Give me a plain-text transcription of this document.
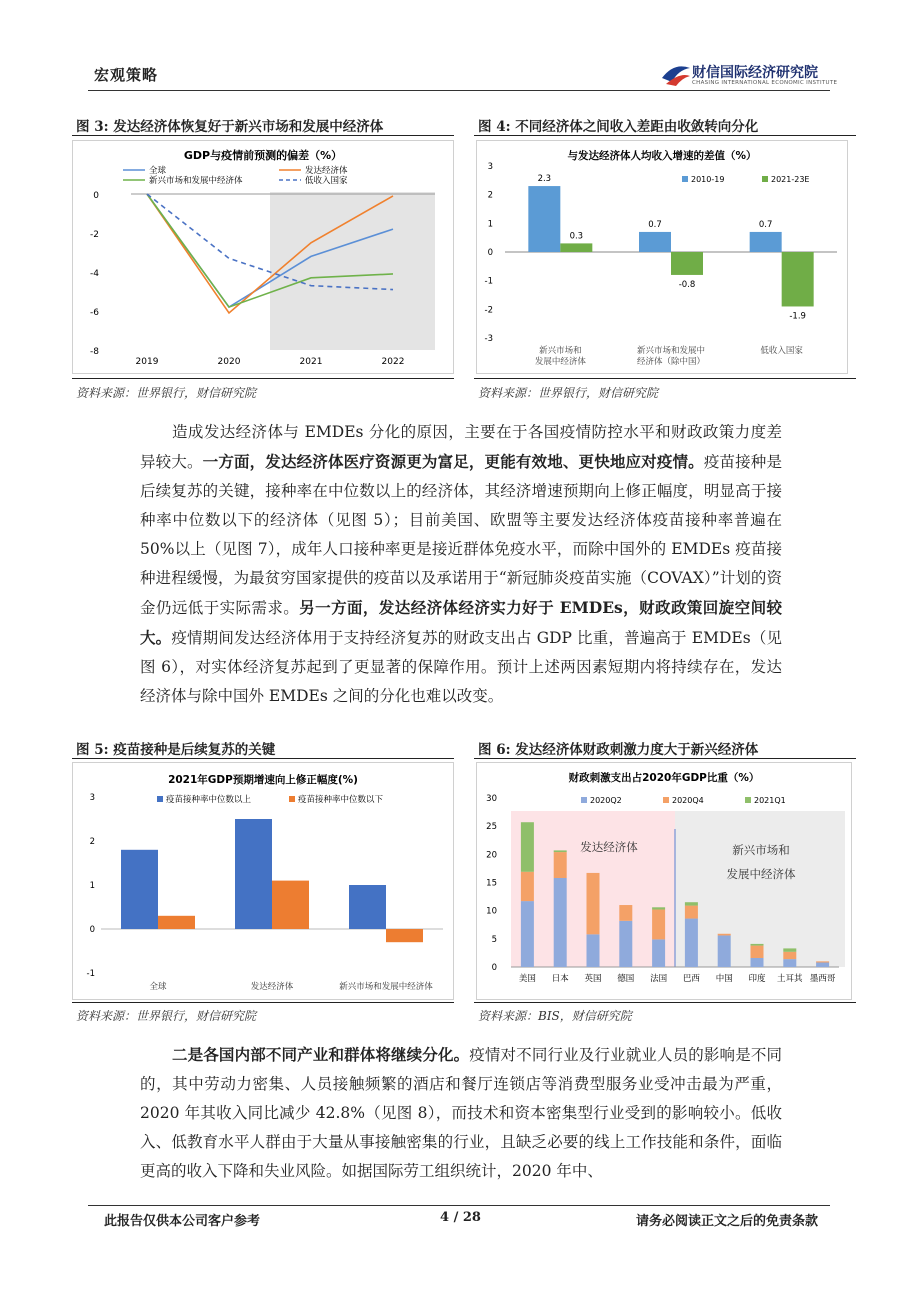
宏观策略	财信国际经济研究院
CHASING INTERNATIONAL ECONOMIC INSTITUTE
图 3: 发达经济体恢复好于新兴市场和发展中经济体
GDP与疫情前预测的偏差（%）
0
-2
-4
-6
-8
2019	2020	2021	2022
全球	发达经济体
新兴市场和发展中经济体	低收入国家
资料来源：世界银行，财信研究院
图 4: 不同经济体之间收入差距由收敛转向分化
与发达经济体人均收入增速的差值（%）
3
2
1
0
-1
-2
-3
2010-19
2.3
0.7	0.7
2021-23E
0.3
-0.8
-1.9
新兴市场和
发展中经济体
新兴市场和发展中
经济体（除中国）
低收入国家
资料来源：世界银行，财信研究院
造成发达经济体与 EMDEs 分化的原因，主要在于各国疫情防控水平和财政政策力度差异较大。一方面，发达经济体医疗资源更为富足，更能有效地、更快地应对疫情。疫苗接种是后续复苏的关键，接种率在中位数以上的经济体，其经济增速预期向上修正幅度，明显高于接种率中位数以下的经济体（见图 5）；目前美国、欧盟等主要发达经济体疫苗接种率普遍在 50%以上（见图 7），成年人口接种率更是接近群体免疫水平，而除中国外的 EMDEs 疫苗接种进程缓慢，为最贫穷国家提供的疫苗以及承诺用于“新冠肺炎疫苗实施（COVAX）”计划的资金仍远低于实际需求。另一方面，发达经济体经济实力好于 EMDEs，财政政策回旋空间较大。疫情期间发达经济体用于支持经济复苏的财政支出占 GDP 比重，普遍高于 EMDEs（见图 6），对实体经济复苏起到了更显著的保障作用。预计上述两因素短期内将持续存在，发达经济体与除中国外 EMDEs 之间的分化也难以改变。
图 5: 疫苗接种是后续复苏的关键
2021年GDP预期增速向上修正幅度(%)
3
2
1
0
-1
疫苗接种率中位数以上	疫苗接种率中位数以下
全球	发达经济体	新兴市场和发展中经济体
资料来源：世界银行，财信研究院
图 6: 发达经济体财政刺激力度大于新兴经济体
财政刺激支出占2020年GDP比重（%）
30
25
20
15
10
5
0
2020Q2	2020Q4	2021Q1
美国 日本 英国 德国 法国 巴西 中国 印度 土耳其 墨西哥
发达经济体	新兴市场和
发展中经济体
资料来源：BIS，财信研究院
二是各国内部不同产业和群体将继续分化。疫情对不同行业及行业就业人员的影响是不同的，其中劳动力密集、人员接触频繁的酒店和餐厅连锁店等消费型服务业受冲击最为严重，2020 年其收入同比减少 42.8%（见图 8），而技术和资本密集型行业受到的影响较小。低收入、低教育水平人群由于大量从事接触密集的行业，且缺乏必要的线上工作技能和条件，面临更高的收入下降和失业风险。如据国际劳工组织统计，2020 年中、
此报告仅供本公司客户参考	4 / 28	请务必阅读正文之后的免责条款
